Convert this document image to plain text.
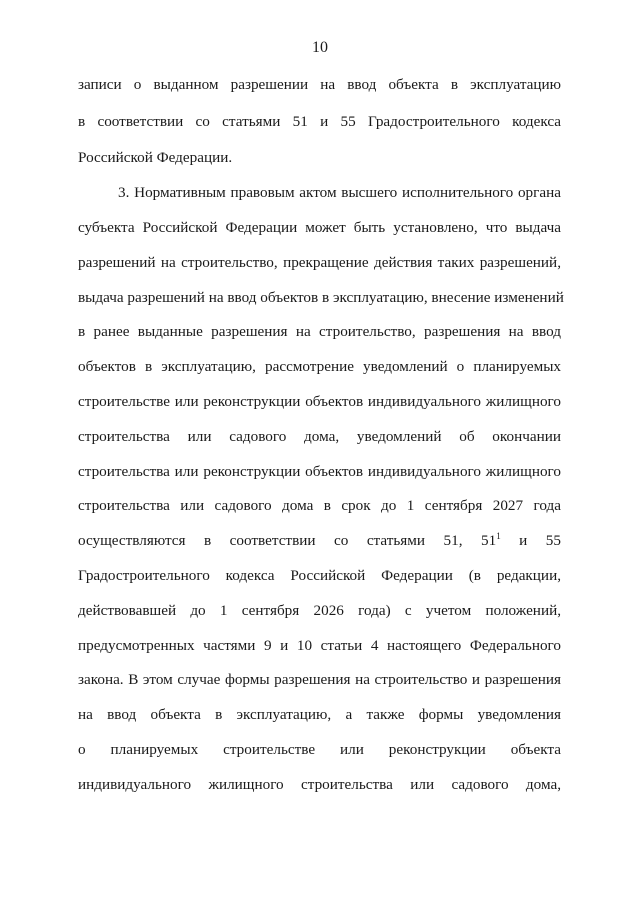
10
записи о выданном разрешении на ввод объекта в эксплуатацию
в соответствии со статьями 51 и 55 Градостроительного кодекса
Российской Федерации.
3. Нормативным правовым актом высшего исполнительного органа
субъекта Российской Федерации может быть установлено, что выдача
разрешений на строительство, прекращение действия таких разрешений,
выдача разрешений на ввод объектов в эксплуатацию, внесение изменений
в ранее выданные разрешения на строительство, разрешения на ввод
объектов в эксплуатацию, рассмотрение уведомлений о планируемых
строительстве или реконструкции объектов индивидуального жилищного
строительства или садового дома, уведомлений об окончании
строительства или реконструкции объектов индивидуального жилищного
строительства или садового дома в срок до 1 сентября 2027 года
осуществляются в соответствии со статьями 51, $51^1$ и 55
Градостроительного кодекса Российской Федерации (в редакции,
действовавшей до 1 сентября 2026 года) с учетом положений,
предусмотренных частями 9 и 10 статьи 4 настоящего Федерального
закона. В этом случае формы разрешения на строительство и разрешения
на ввод объекта в эксплуатацию, а также формы уведомления
о планируемых строительстве или реконструкции объекта
индивидуального жилищного строительства или садового дома,
